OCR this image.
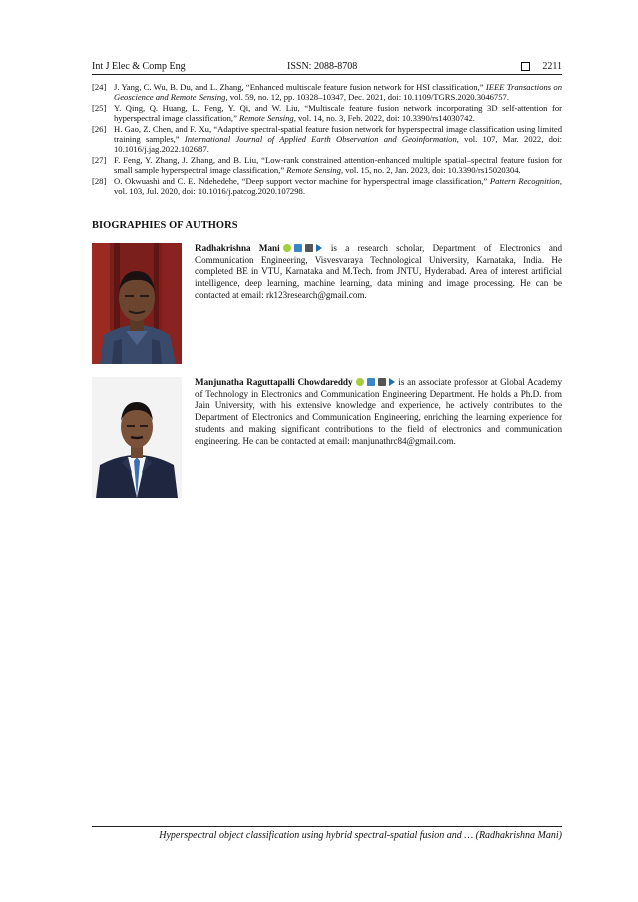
Int J Elec & Comp Eng	ISSN: 2088-8708	2211
[24] J. Yang, C. Wu, B. Du, and L. Zhang, “Enhanced multiscale feature fusion network for HSI classification,” IEEE Transactions on Geoscience and Remote Sensing, vol. 59, no. 12, pp. 10328–10347, Dec. 2021, doi: 10.1109/TGRS.2020.3046757.
[25] Y. Qing, Q. Huang, L. Feng, Y. Qi, and W. Liu, “Multiscale feature fusion network incorporating 3D self-attention for hyperspectral image classification,” Remote Sensing, vol. 14, no. 3, Feb. 2022, doi: 10.3390/rs14030742.
[26] H. Gao, Z. Chen, and F. Xu, “Adaptive spectral-spatial feature fusion network for hyperspectral image classification using limited training samples,” International Journal of Applied Earth Observation and Geoinformation, vol. 107, Mar. 2022, doi: 10.1016/j.jag.2022.102687.
[27] F. Feng, Y. Zhang, J. Zhang, and B. Liu, “Low-rank constrained attention-enhanced multiple spatial–spectral feature fusion for small sample hyperspectral image classification,” Remote Sensing, vol. 15, no. 2, Jan. 2023, doi: 10.3390/rs15020304.
[28] O. Okwuashi and C. E. Ndehedehe, “Deep support vector machine for hyperspectral image classification,” Pattern Recognition, vol. 103, Jul. 2020, doi: 10.1016/j.patcog.2020.107298.
BIOGRAPHIES OF AUTHORS
Radhakrishna Mani	is a research scholar, Department of Electronics and Communication Engineering, Visvesvaraya Technological University, Karnataka, India. He completed BE in VTU, Karnataka and M.Tech. from JNTU, Hyderabad. Area of interest artificial intelligence, deep learning, machine learning, data mining and image processing. He can be contacted at email: rk123research@gmail.com.
Manjunatha Raguttapalli Chowdareddy	is an associate professor at Global Academy of Technology in Electronics and Communication Engineering Department. He holds a Ph.D. from Jain University, with his extensive knowledge and experience, he actively contributes to the Department of Electronics and Communication Engineering, enriching the learning experience for students and making significant contributions to the field of electronics and communication engineering. He can be contacted at email: manjunathrc84@gmail.com.
Hyperspectral object classification using hybrid spectral-spatial fusion and … (Radhakrishna Mani)
